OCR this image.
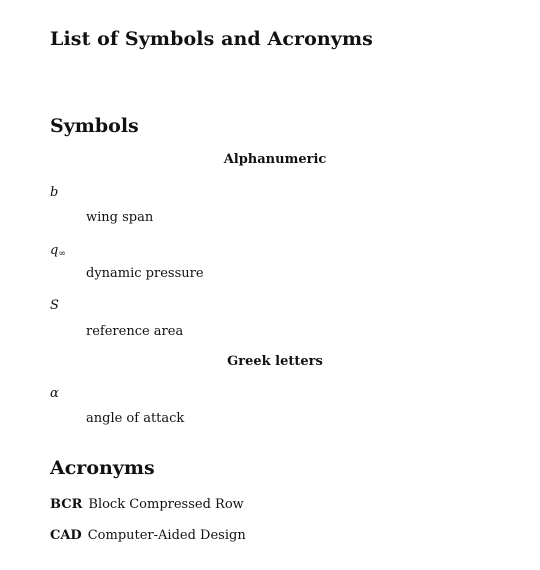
List of Symbols and Acronyms
Symbols
Alphanumeric
b
wing span
$q_\infty$
dynamic pressure
S
reference area
Greek letters
α
angle of attack
Acronyms
BCR Block Compressed Row
CAD Computer-Aided Design
